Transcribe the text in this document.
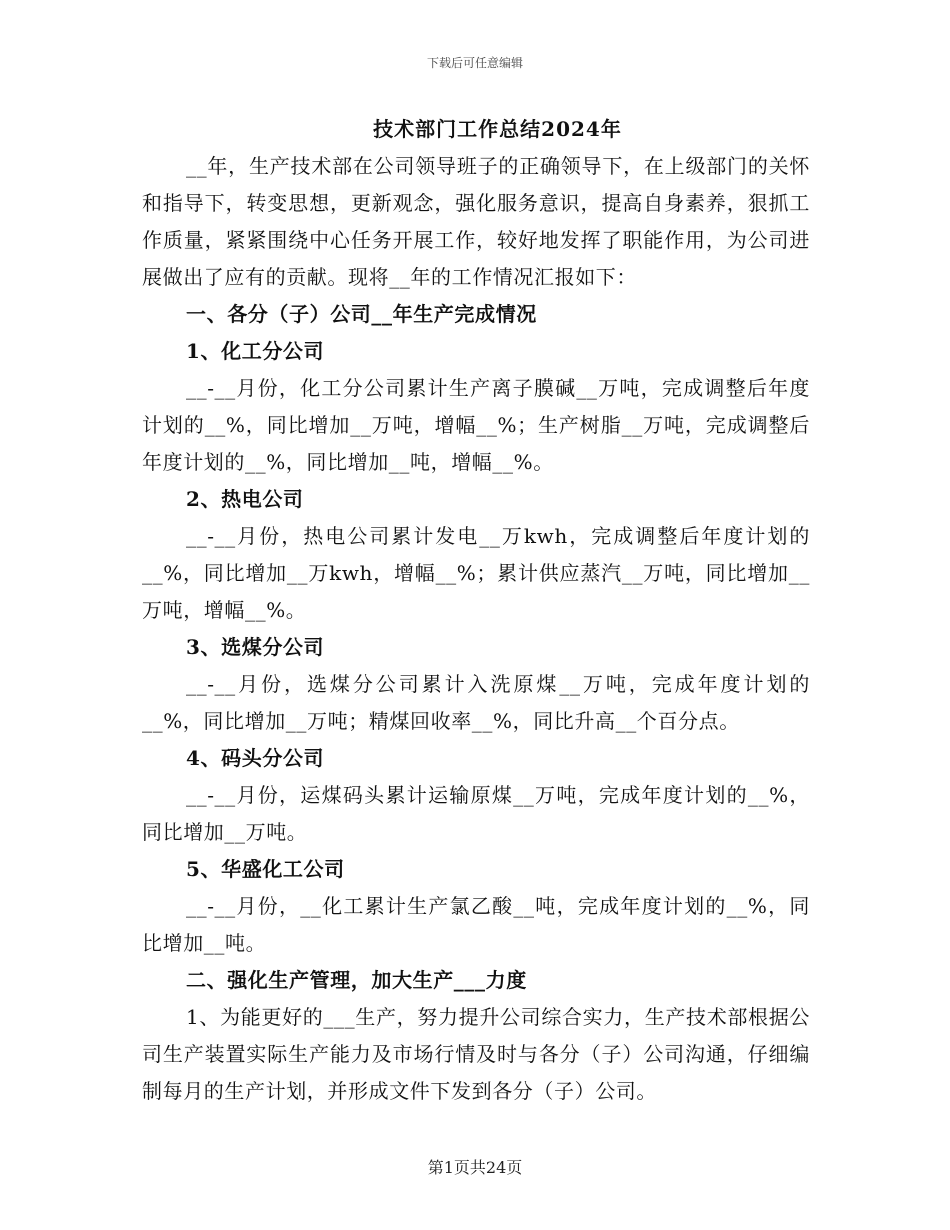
下载后可任意编辑
技术部门工作总结2024年

__年，生产技术部在公司领导班子的正确领导下，在上级部门的关怀和指导下，转变思想，更新观念，强化服务意识，提高自身素养，狠抓工作质量，紧紧围绕中心任务开展工作，较好地发挥了职能作用，为公司进展做出了应有的贡献。现将__年的工作情况汇报如下：

一、各分（子）公司__年生产完成情况

1、化工分公司

__-__月份，化工分公司累计生产离子膜碱__万吨，完成调整后年度计划的__%，同比增加__万吨，增幅__%；生产树脂__万吨，完成调整后年度计划的__%，同比增加__吨，增幅__%。

2、热电公司

__-__月份，热电公司累计发电__万kwh，完成调整后年度计划的__%，同比增加__万kwh，增幅__%；累计供应蒸汽__万吨，同比增加__万吨，增幅__%。

3、选煤分公司

__-__月份，选煤分公司累计入洗原煤__万吨，完成年度计划的__%，同比增加__万吨；精煤回收率__%，同比升高__个百分点。

4、码头分公司

__-__月份，运煤码头累计运输原煤__万吨，完成年度计划的__%，同比增加__万吨。

5、华盛化工公司

__-__月份，__化工累计生产氯乙酸__吨，完成年度计划的__%，同比增加__吨。

二、强化生产管理，加大生产___力度

1、为能更好的___生产，努力提升公司综合实力，生产技术部根据公司生产装置实际生产能力及市场行情及时与各分（子）公司沟通，仔细编制每月的生产计划，并形成文件下发到各分（子）公司。

第1页共24页
